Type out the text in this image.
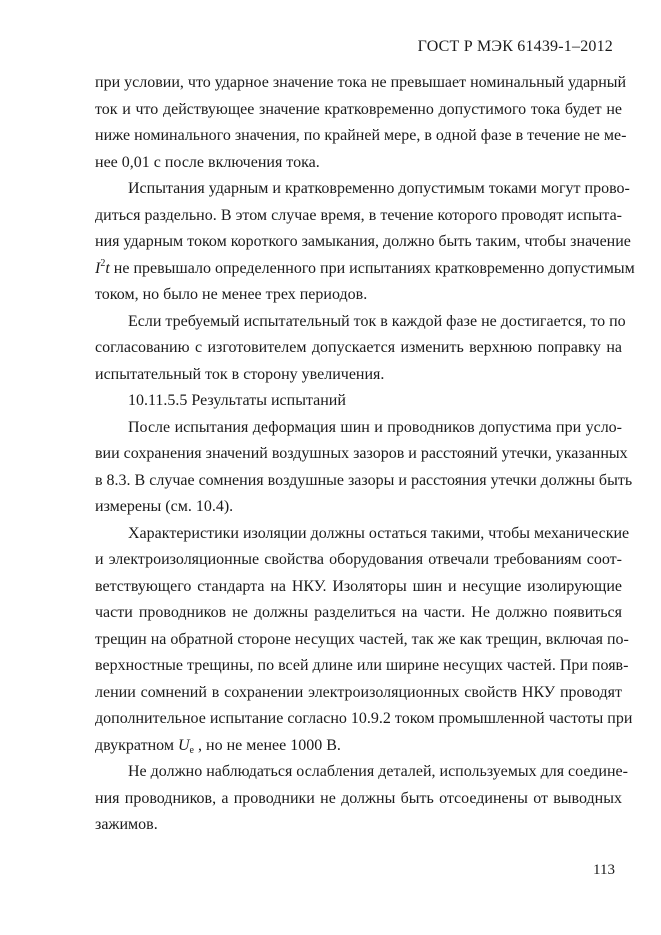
ГОСТ Р МЭК 61439-1–2012
при условии, что ударное значение тока не превышает номинальный ударный
ток и что действующее значение кратковременно допустимого тока будет не
ниже номинального значения, по крайней мере, в одной фазе в течение не ме-
нее 0,01 с после включения тока.
Испытания ударным и кратковременно допустимым токами могут прово-
диться раздельно. В этом случае время, в течение которого проводят испыта-
ния ударным током короткого замыкания, должно быть таким, чтобы значение
$I^2t$ не превышало определенного при испытаниях кратковременно допустимым
током, но было не менее трех периодов.
Если требуемый испытательный ток в каждой фазе не достигается, то по
согласованию с изготовителем допускается изменить верхнюю поправку на
испытательный ток в сторону увеличения.
10.11.5.5 Результаты испытаний
После испытания деформация шин и проводников допустима при усло-
вии сохранения значений воздушных зазоров и расстояний утечки, указанных
в 8.3. В случае сомнения воздушные зазоры и расстояния утечки должны быть
измерены (см. 10.4).
Характеристики изоляции должны остаться такими, чтобы механические
и электроизоляционные свойства оборудования отвечали требованиям соот-
ветствующего стандарта на НКУ. Изоляторы шин и несущие изолирующие
части проводников не должны разделиться на части. Не должно появиться
трещин на обратной стороне несущих частей, так же как трещин, включая по-
верхностные трещины, по всей длине или ширине несущих частей. При появ-
лении сомнений в сохранении электроизоляционных свойств НКУ проводят
дополнительное испытание согласно 10.9.2 током промышленной частоты при
двукратном $U_e$ , но не менее 1000 В.
Не должно наблюдаться ослабления деталей, используемых для соедине-
ния проводников, а проводники не должны быть отсоединены от выводных
зажимов.
113
